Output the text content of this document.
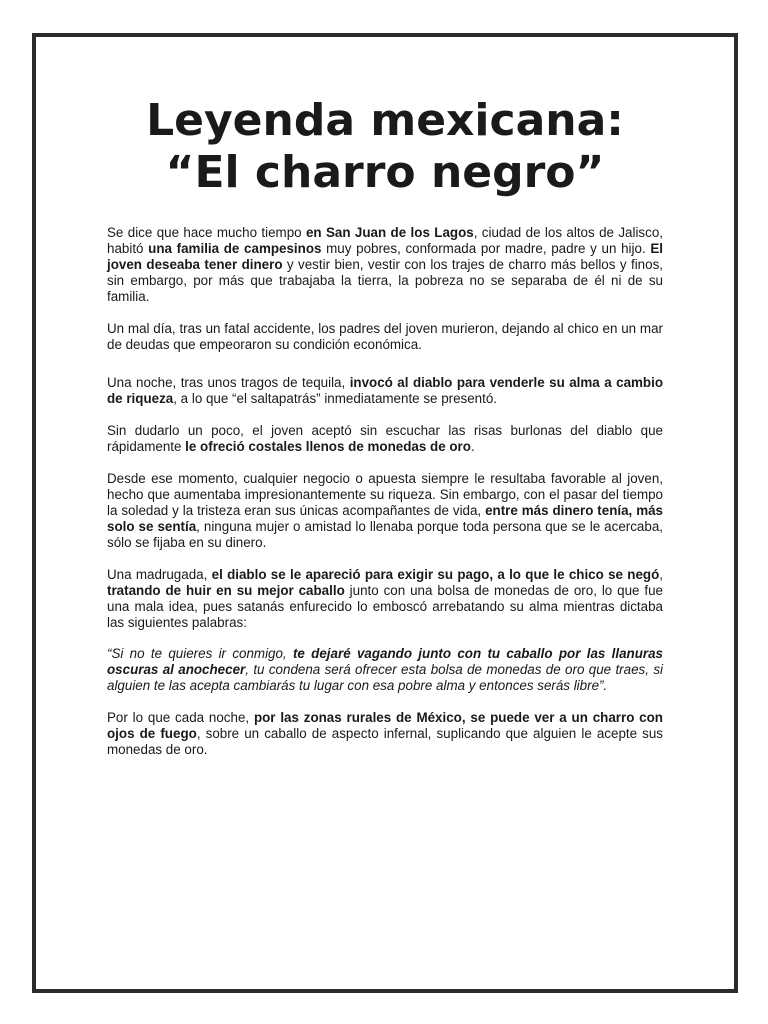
Leyenda mexicana:
“El charro negro”

Se dice que hace mucho tiempo en San Juan de los Lagos, ciudad de los altos de Jalisco, habitó una familia de campesinos muy pobres, conformada por madre, padre y un hijo. El joven deseaba tener dinero y vestir bien, vestir con los trajes de charro más bellos y finos, sin embargo, por más que trabajaba la tierra, la pobreza no se separaba de él ni de su familia.

Un mal día, tras un fatal accidente, los padres del joven murieron, dejando al chico en un mar de deudas que empeoraron su condición económica.

Una noche, tras unos tragos de tequila, invocó al diablo para venderle su alma a cambio de riqueza, a lo que “el saltapatrás” inmediatamente se presentó.

Sin dudarlo un poco, el joven aceptó sin escuchar las risas burlonas del diablo que rápidamente le ofreció costales llenos de monedas de oro.

Desde ese momento, cualquier negocio o apuesta siempre le resultaba favorable al joven, hecho que aumentaba impresionantemente su riqueza. Sin embargo, con el pasar del tiempo la soledad y la tristeza eran sus únicas acompañantes de vida, entre más dinero tenía, más solo se sentía, ninguna mujer o amistad lo llenaba porque toda persona que se le acercaba, sólo se fijaba en su dinero.

Una madrugada, el diablo se le apareció para exigir su pago, a lo que le chico se negó, tratando de huir en su mejor caballo junto con una bolsa de monedas de oro, lo que fue una mala idea, pues satanás enfurecido lo emboscó arrebatando su alma mientras dictaba las siguientes palabras:

“Si no te quieres ir conmigo, te dejaré vagando junto con tu caballo por las llanuras oscuras al anochecer, tu condena será ofrecer esta bolsa de monedas de oro que traes, si alguien te las acepta cambiarás tu lugar con esa pobre alma y entonces serás libre”.

Por lo que cada noche, por las zonas rurales de México, se puede ver a un charro con ojos de fuego, sobre un caballo de aspecto infernal, suplicando que alguien le acepte sus monedas de oro.
